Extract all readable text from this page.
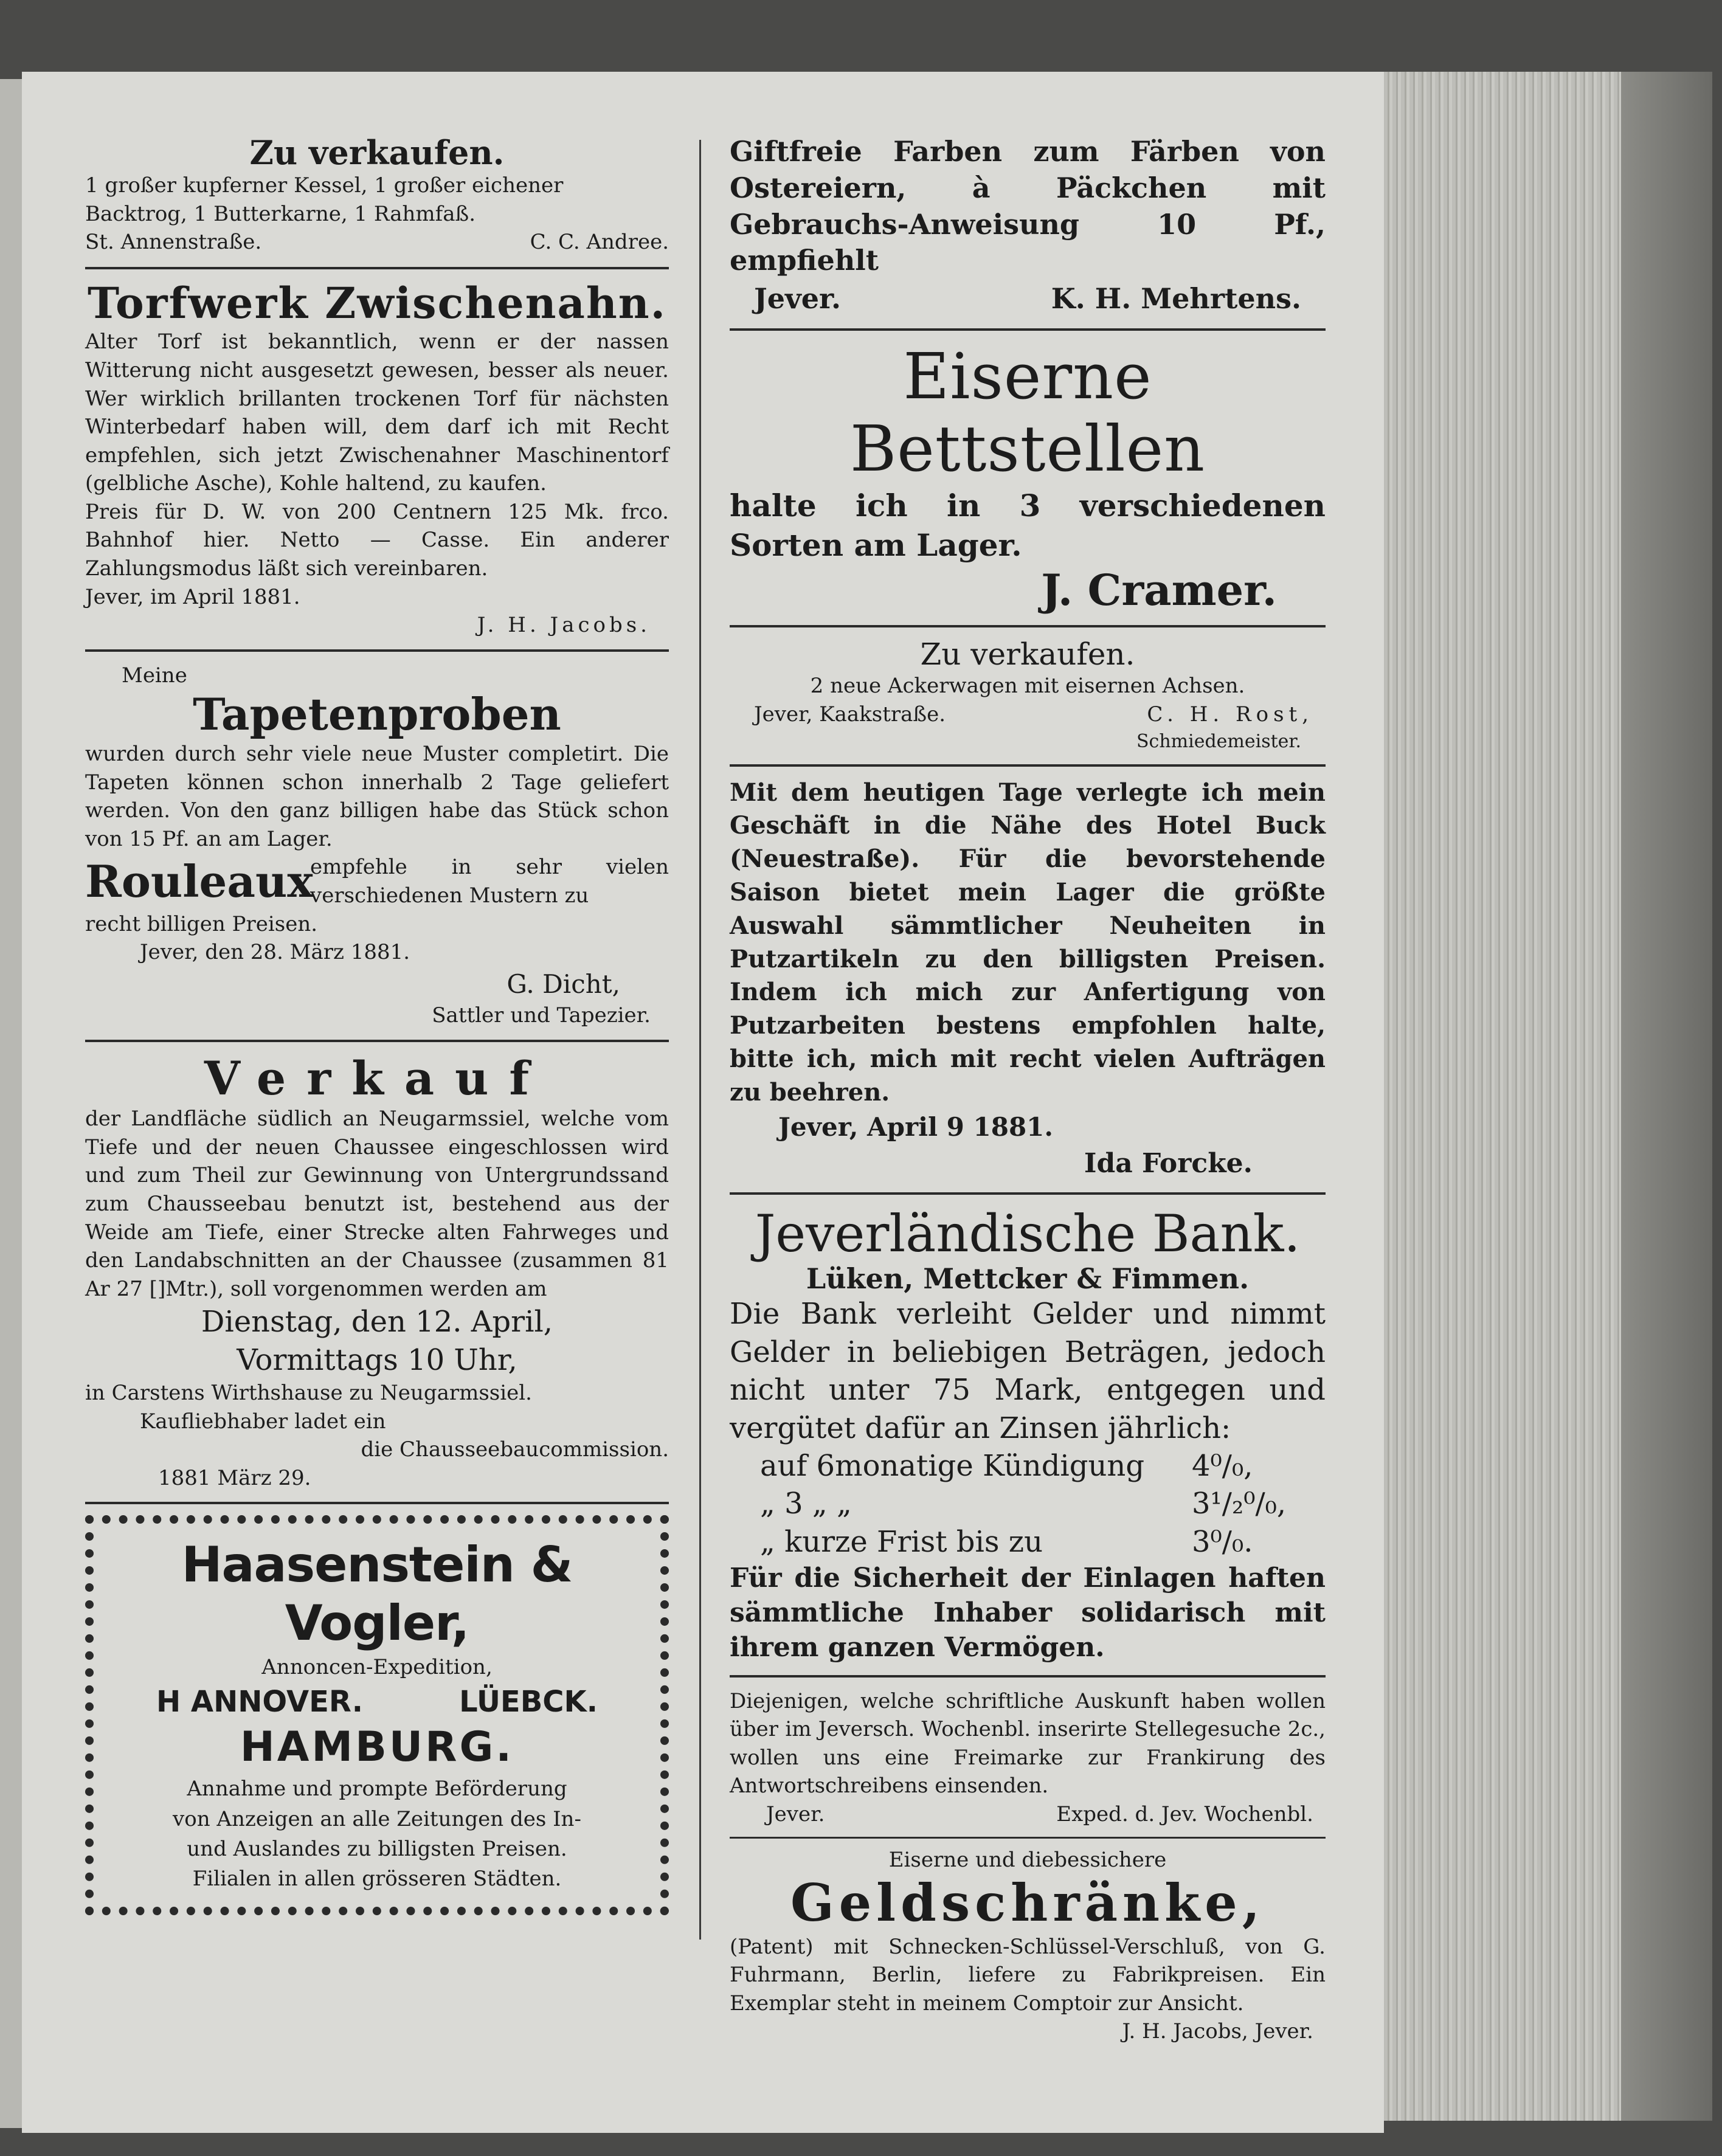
Zu verkaufen.
1 großer kupferner Kessel, 1 großer eichener
Backtrog, 1 Butterkarne, 1 Rahmfaß.
St. Annenstraße.	C. C. Andree.
Torfwerk Zwischenahn.
Alter Torf ist bekanntlich, wenn er der nassen Witterung nicht ausgesetzt gewesen, besser als neuer. Wer wirklich brillanten trockenen Torf für nächsten Winterbedarf haben will, dem darf ich mit Recht empfehlen, sich jetzt Zwischenahner Maschinentorf (gelbliche Asche), Kohle haltend, zu kaufen.
Preis für D. W. von 200 Centnern 125 Mk. frco. Bahnhof hier. Netto — Casse. Ein anderer Zahlungsmodus läßt sich vereinbaren.
Jever, im April 1881.
J. H. Jacobs.
Meine
Tapetenproben
wurden durch sehr viele neue Muster completirt. Die Tapeten können schon innerhalb 2 Tage geliefert werden. Von den ganz billigen habe das Stück schon von 15 Pf. an am Lager.
Rouleaux
empfehle in sehr vielen verschiedenen Mustern zu
recht billigen Preisen.
Jever, den 28. März 1881.
G. Dicht,
Sattler und Tapezier.
Verkauf
der Landfläche südlich an Neugarmssiel, welche vom Tiefe und der neuen Chaussee eingeschlossen wird und zum Theil zur Gewinnung von Untergrundssand zum Chausseebau benutzt ist, bestehend aus der Weide am Tiefe, einer Strecke alten Fahrweges und den Landabschnitten an der Chaussee (zusammen 81 Ar 27 []Mtr.), soll vorgenommen werden am
Dienstag, den 12. April,
Vormittags 10 Uhr,
in Carstens Wirthshause zu Neugarmssiel.
Kaufliebhaber ladet ein
die Chausseebaucommission.
1881 März 29.
Haasenstein & Vogler,
Annoncen-Expedition,
H ANNOVER.	LÜEBCK.
HAMBURG.
Annahme und prompte Beförderung
von Anzeigen an alle Zeitungen des In-
und Auslandes zu billigsten Preisen.
Filialen in allen grösseren Städten.
Giftfreie Farben zum Färben von Ostereiern, à Päckchen mit Gebrauchs-Anweisung 10 Pf., empfiehlt
Jever.	K. H. Mehrtens.
Eiserne Bettstellen
halte ich in 3 verschiedenen Sorten am Lager.
J. Cramer.
Zu verkaufen.
2 neue Ackerwagen mit eisernen Achsen.
Jever, Kaakstraße.	C. H. Rost,
Schmiedemeister.
Mit dem heutigen Tage verlegte ich mein Geschäft in die Nähe des Hotel Buck (Neuestraße). Für die bevorstehende Saison bietet mein Lager die größte Auswahl sämmtlicher Neuheiten in Putzartikeln zu den billigsten Preisen. Indem ich mich zur Anfertigung von Putzarbeiten bestens empfohlen halte, bitte ich, mich mit recht vielen Aufträgen zu beehren.
Jever, April 9 1881.
Ida Forcke.
Jeverländische Bank.
Lüken, Mettcker & Fimmen.
Die Bank verleiht Gelder und nimmt Gelder in beliebigen Beträgen, jedoch nicht unter 75 Mark, entgegen und vergütet dafür an Zinsen jährlich:
auf 6monatige Kündigung	4⁰/₀,
„ 3 „ „	3¹/₂⁰/₀,
„ kurze Frist bis zu	3⁰/₀.
Für die Sicherheit der Einlagen haften sämmtliche Inhaber solidarisch mit ihrem ganzen Vermögen.
Diejenigen, welche schriftliche Auskunft haben wollen über im Jeversch. Wochenbl. inserirte Stellegesuche 2c., wollen uns eine Freimarke zur Frankirung des Antwortschreibens einsenden.
Jever.	Exped. d. Jev. Wochenbl.
Eiserne und diebessichere
Geldschränke,
(Patent) mit Schnecken-Schlüssel-Verschluß, von G. Fuhrmann, Berlin, liefere zu Fabrikpreisen. Ein Exemplar steht in meinem Comptoir zur Ansicht.
J. H. Jacobs, Jever.
